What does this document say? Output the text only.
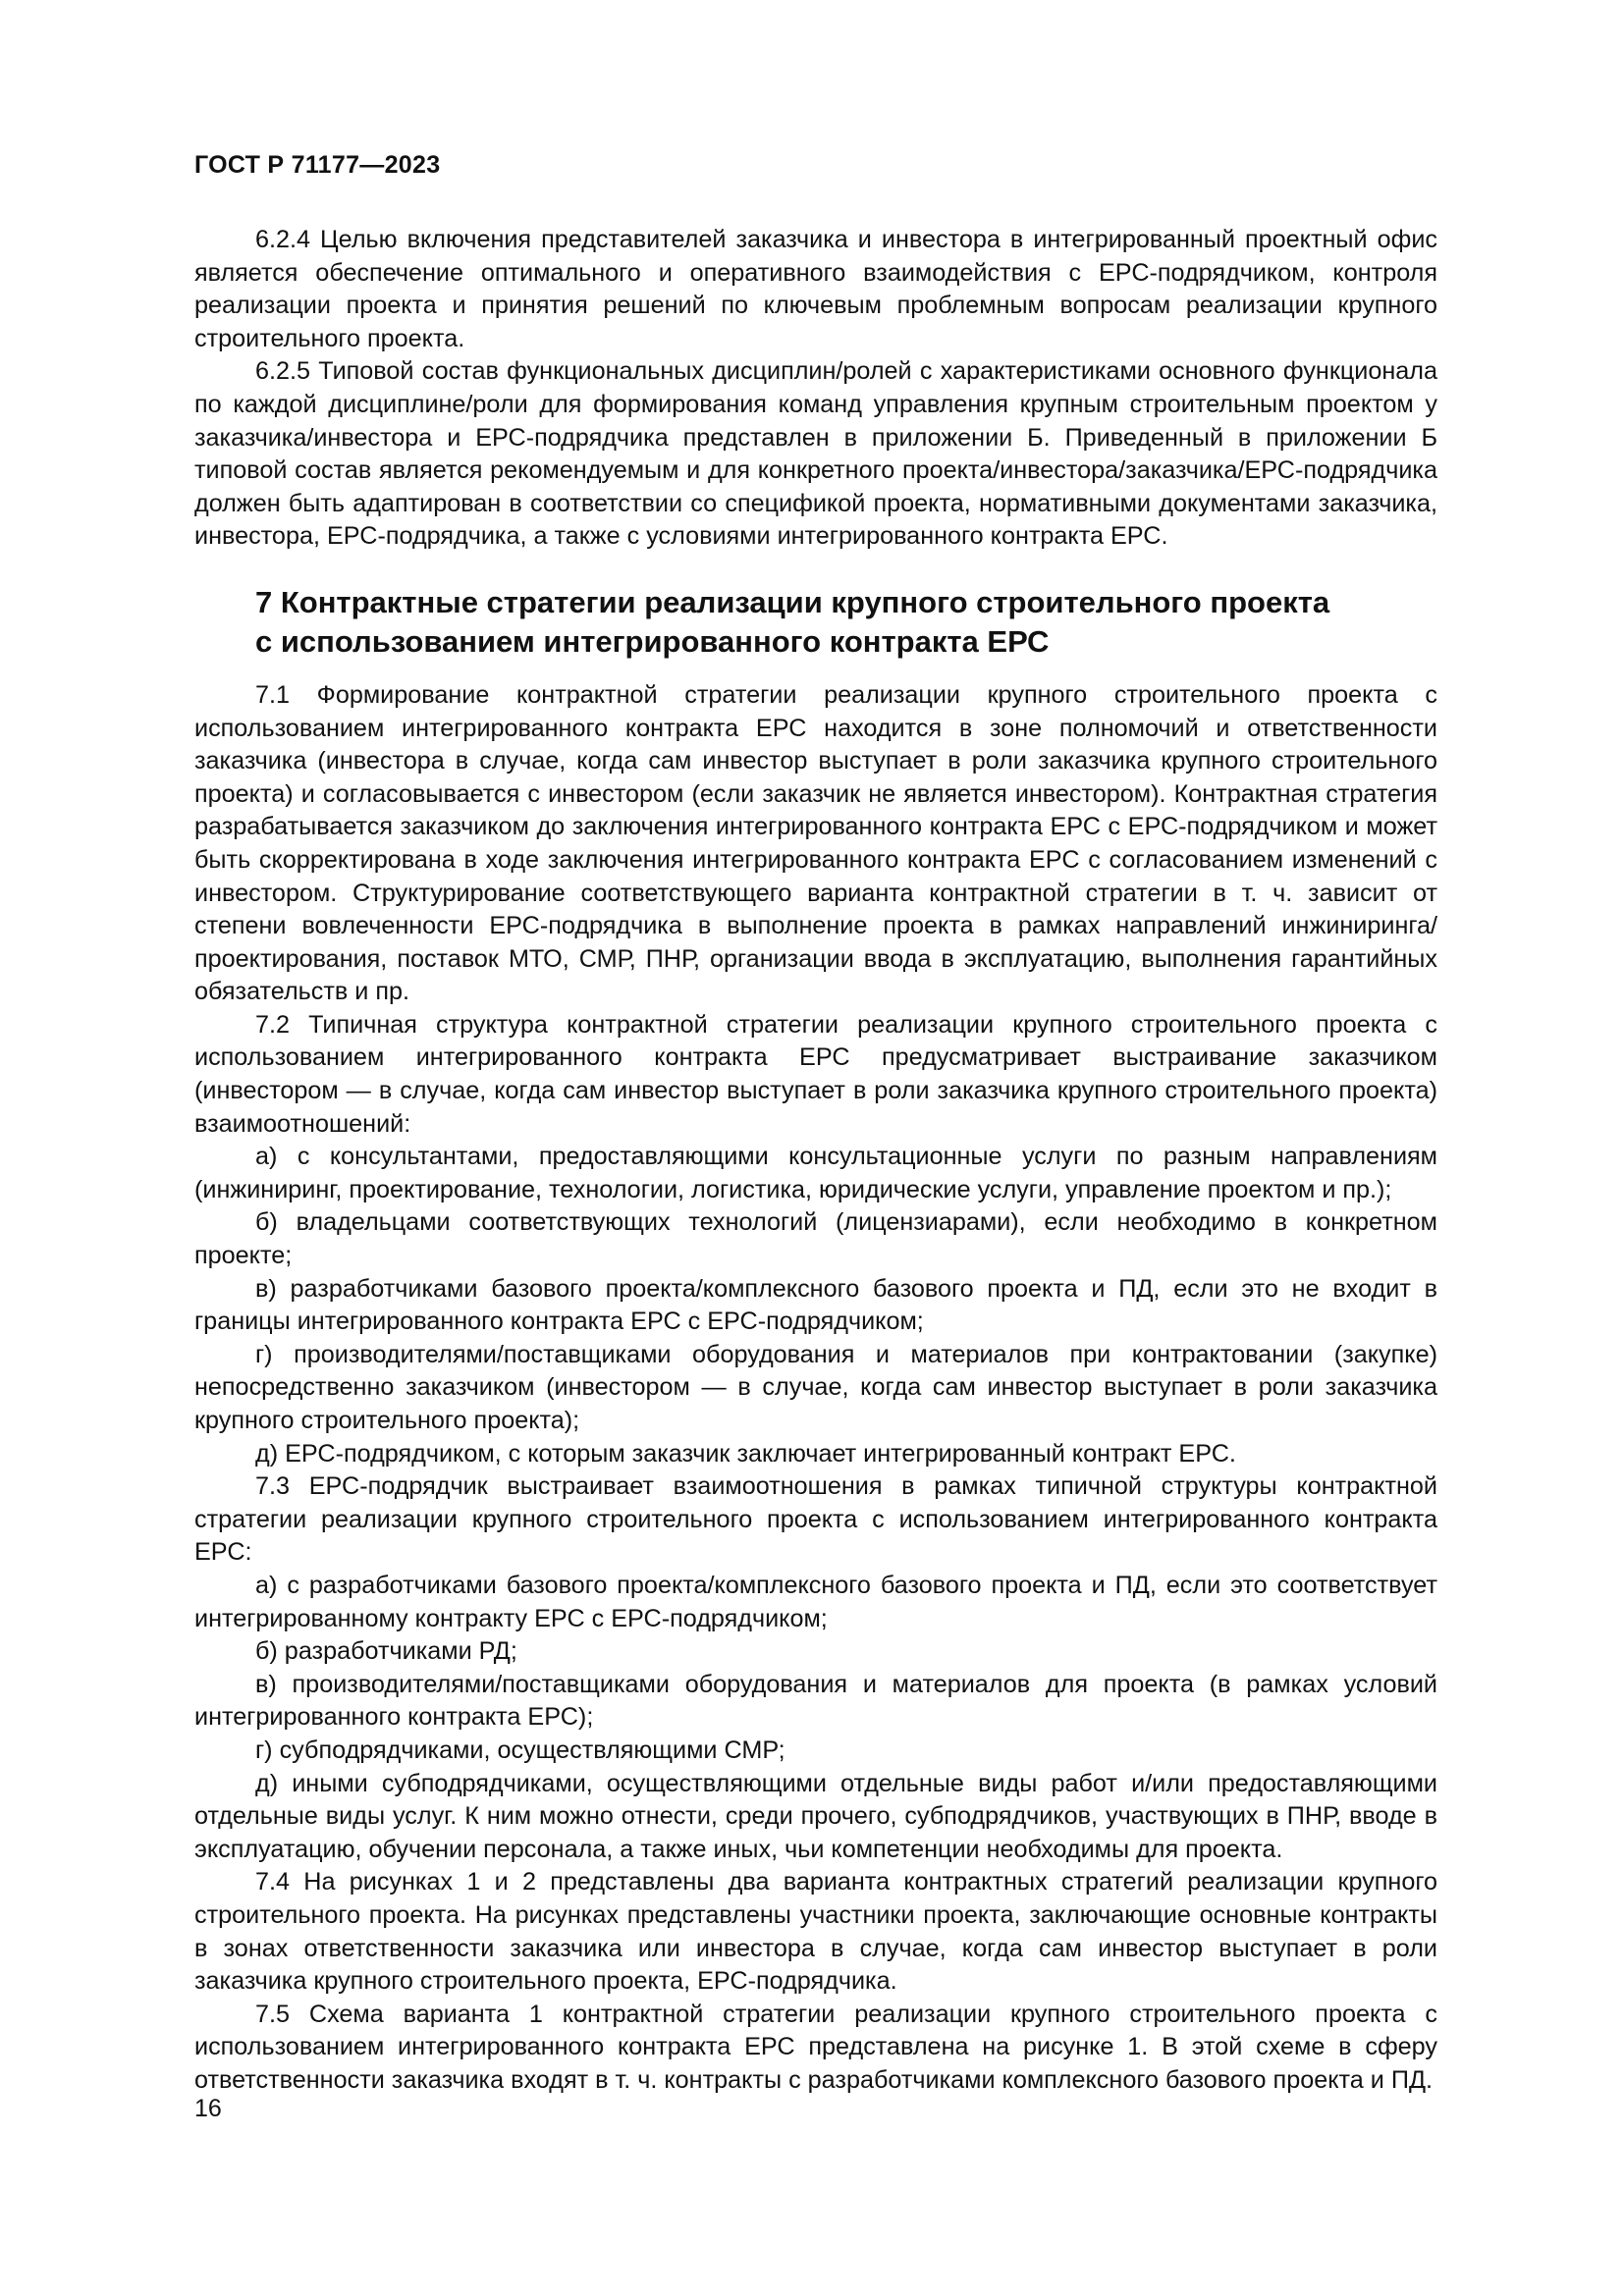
ГОСТ Р 71177—2023

6.2.4 Целью включения представителей заказчика и инвестора в интегрированный проектный офис является обеспечение оптимального и оперативного взаимодействия с ЕРС-подрядчиком, контроля реализации проекта и принятия решений по ключевым проблемным вопросам реализации крупного строительного проекта.

6.2.5 Типовой состав функциональных дисциплин/ролей с характеристиками основного функционала по каждой дисциплине/роли для формирования команд управления крупным строительным проектом у заказчика/инвестора и ЕРС-подрядчика представлен в приложении Б. Приведенный в приложении Б типовой состав является рекомендуемым и для конкретного проекта/инвестора/заказчика/ЕРС-подрядчика должен быть адаптирован в соответствии со спецификой проекта, нормативными документами заказчика, инвестора, ЕРС-подрядчика, а также с условиями интегрированного контракта ЕРС.

7 Контрактные стратегии реализации крупного строительного проекта
с использованием интегрированного контракта ЕРС

7.1 Формирование контрактной стратегии реализации крупного строительного проекта с использованием интегрированного контракта ЕРС находится в зоне полномочий и ответственности заказчика (инвестора в случае, когда сам инвестор выступает в роли заказчика крупного строительного проекта) и согласовывается с инвестором (если заказчик не является инвестором). Контрактная стратегия разрабатывается заказчиком до заключения интегрированного контракта ЕРС с ЕРС-подрядчиком и может быть скорректирована в ходе заключения интегрированного контракта ЕРС с согласованием изменений с инвестором. Структурирование соответствующего варианта контрактной стратегии в т. ч. зависит от степени вовлеченности ЕРС-подрядчика в выполнение проекта в рамках направлений инжиниринга/проектирования, поставок МТО, СМР, ПНР, организации ввода в эксплуатацию, выполнения гарантийных обязательств и пр.

7.2 Типичная структура контрактной стратегии реализации крупного строительного проекта с использованием интегрированного контракта ЕРС предусматривает выстраивание заказчиком (инвестором — в случае, когда сам инвестор выступает в роли заказчика крупного строительного проекта) взаимоотношений:

а) с консультантами, предоставляющими консультационные услуги по разным направлениям (инжиниринг, проектирование, технологии, логистика, юридические услуги, управление проектом и пр.);

б) владельцами соответствующих технологий (лицензиарами), если необходимо в конкретном проекте;

в) разработчиками базового проекта/комплексного базового проекта и ПД, если это не входит в границы интегрированного контракта ЕРС с ЕРС-подрядчиком;

г) производителями/поставщиками оборудования и материалов при контрактовании (закупке) непосредственно заказчиком (инвестором — в случае, когда сам инвестор выступает в роли заказчика крупного строительного проекта);

д) ЕРС-подрядчиком, с которым заказчик заключает интегрированный контракт ЕРС.

7.3 ЕРС-подрядчик выстраивает взаимоотношения в рамках типичной структуры контрактной стратегии реализации крупного строительного проекта с использованием интегрированного контракта ЕРС:

а) с разработчиками базового проекта/комплексного базового проекта и ПД, если это соответствует интегрированному контракту ЕРС с ЕРС-подрядчиком;

б) разработчиками РД;

в) производителями/поставщиками оборудования и материалов для проекта (в рамках условий интегрированного контракта ЕРС);

г) субподрядчиками, осуществляющими СМР;

д) иными субподрядчиками, осуществляющими отдельные виды работ и/или предоставляющими отдельные виды услуг. К ним можно отнести, среди прочего, субподрядчиков, участвующих в ПНР, вводе в эксплуатацию, обучении персонала, а также иных, чьи компетенции необходимы для проекта.

7.4 На рисунках 1 и 2 представлены два варианта контрактных стратегий реализации крупного строительного проекта. На рисунках представлены участники проекта, заключающие основные контракты в зонах ответственности заказчика или инвестора в случае, когда сам инвестор выступает в роли заказчика крупного строительного проекта, ЕРС-подрядчика.

7.5 Схема варианта 1 контрактной стратегии реализации крупного строительного проекта с использованием интегрированного контракта ЕРС представлена на рисунке 1. В этой схеме в сферу ответственности заказчика входят в т. ч. контракты с разработчиками комплексного базового проекта и ПД.

16
